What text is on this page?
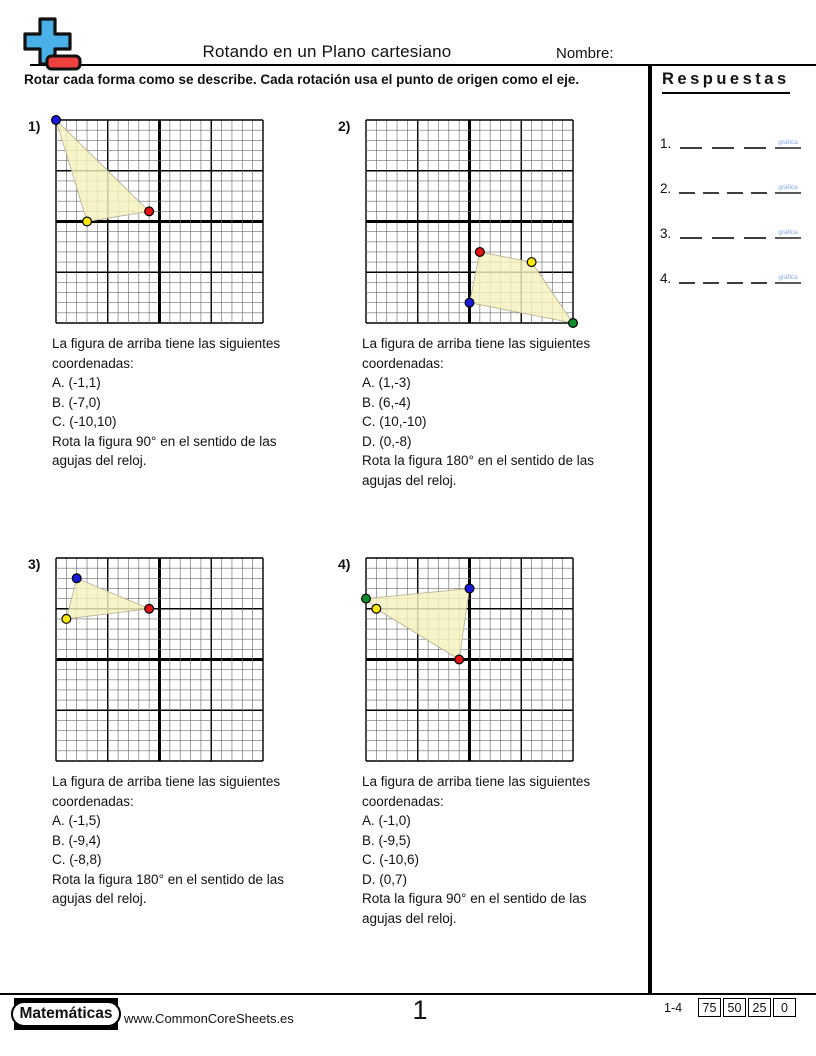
Rotando en un Plano cartesiano	Nombre:
Rotar cada forma como se describe. Cada rotación usa el punto de origen como el eje.	Respuestas
1.	gráfica
2.	gráfica
3.	gráfica
4.	gráfica
1)
La figura de arriba tiene las siguientes
coordenadas:
A. (-1,1)
B. (-7,0)
C. (-10,10)
Rota la figura 90° en el sentido de las
agujas del reloj.
2)
La figura de arriba tiene las siguientes
coordenadas:
A. (1,-3)
B. (6,-4)
C. (10,-10)
D. (0,-8)
Rota la figura 180° en el sentido de las
agujas del reloj.
3)
La figura de arriba tiene las siguientes
coordenadas:
A. (-1,5)
B. (-9,4)
C. (-8,8)
Rota la figura 180° en el sentido de las
agujas del reloj.
4)
La figura de arriba tiene las siguientes
coordenadas:
A. (-1,0)
B. (-9,5)
C. (-10,6)
D. (0,7)
Rota la figura 90° en el sentido de las
agujas del reloj.
Matemáticas www.CommonCoreSheets.es	1	1-4	75 50 25	0
